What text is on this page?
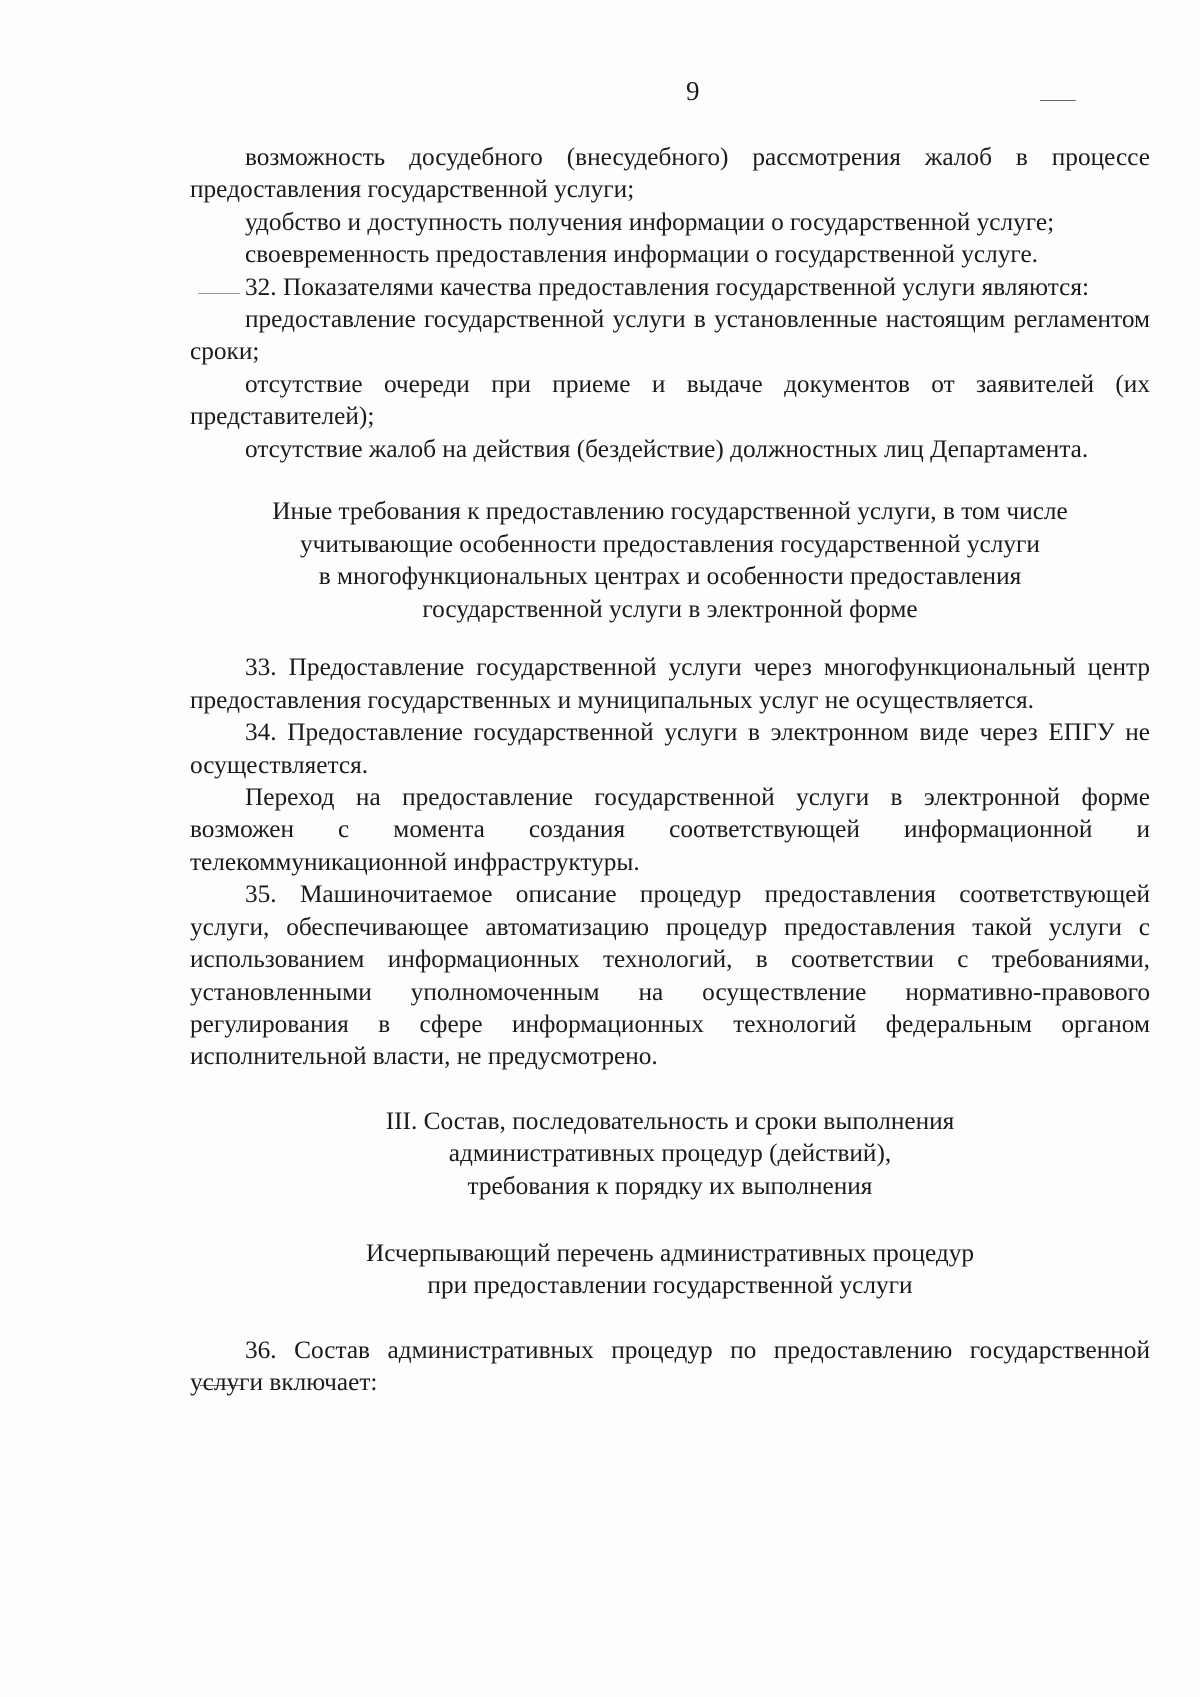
9

возможность досудебного (внесудебного) рассмотрения жалоб в процессе предоставления государственной услуги;

удобство и доступность получения информации о государственной услуге;

своевременность предоставления информации о государственной услуге.

32. Показателями качества предоставления государственной услуги являются:

предоставление государственной услуги в установленные настоящим регламентом сроки;

отсутствие очереди при приеме и выдаче документов от заявителей (их представителей);

отсутствие жалоб на действия (бездействие) должностных лиц Департамента.

Иные требования к предоставлению государственной услуги, в том числе
учитывающие особенности предоставления государственной услуги
в многофункциональных центрах и особенности предоставления
государственной услуги в электронной форме

33. Предоставление государственной услуги через многофункциональный центр предоставления государственных и муниципальных услуг не осуществляется.

34. Предоставление государственной услуги в электронном виде через ЕПГУ не осуществляется.

Переход на предоставление государственной услуги в электронной форме возможен с момента создания соответствующей информационной и телекоммуникационной инфраструктуры.

35. Машиночитаемое описание процедур предоставления соответствующей услуги, обеспечивающее автоматизацию процедур предоставления такой услуги с использованием информационных технологий, в соответствии с требованиями, установленными уполномоченным на осуществление нормативно-правового регулирования в сфере информационных технологий федеральным органом исполнительной власти, не предусмотрено.

III. Состав, последовательность и сроки выполнения
административных процедур (действий),
требования к порядку их выполнения
Исчерпывающий перечень административных процедур
при предоставлении государственной услуги

36. Состав административных процедур по предоставлению государственной услуги включает:
